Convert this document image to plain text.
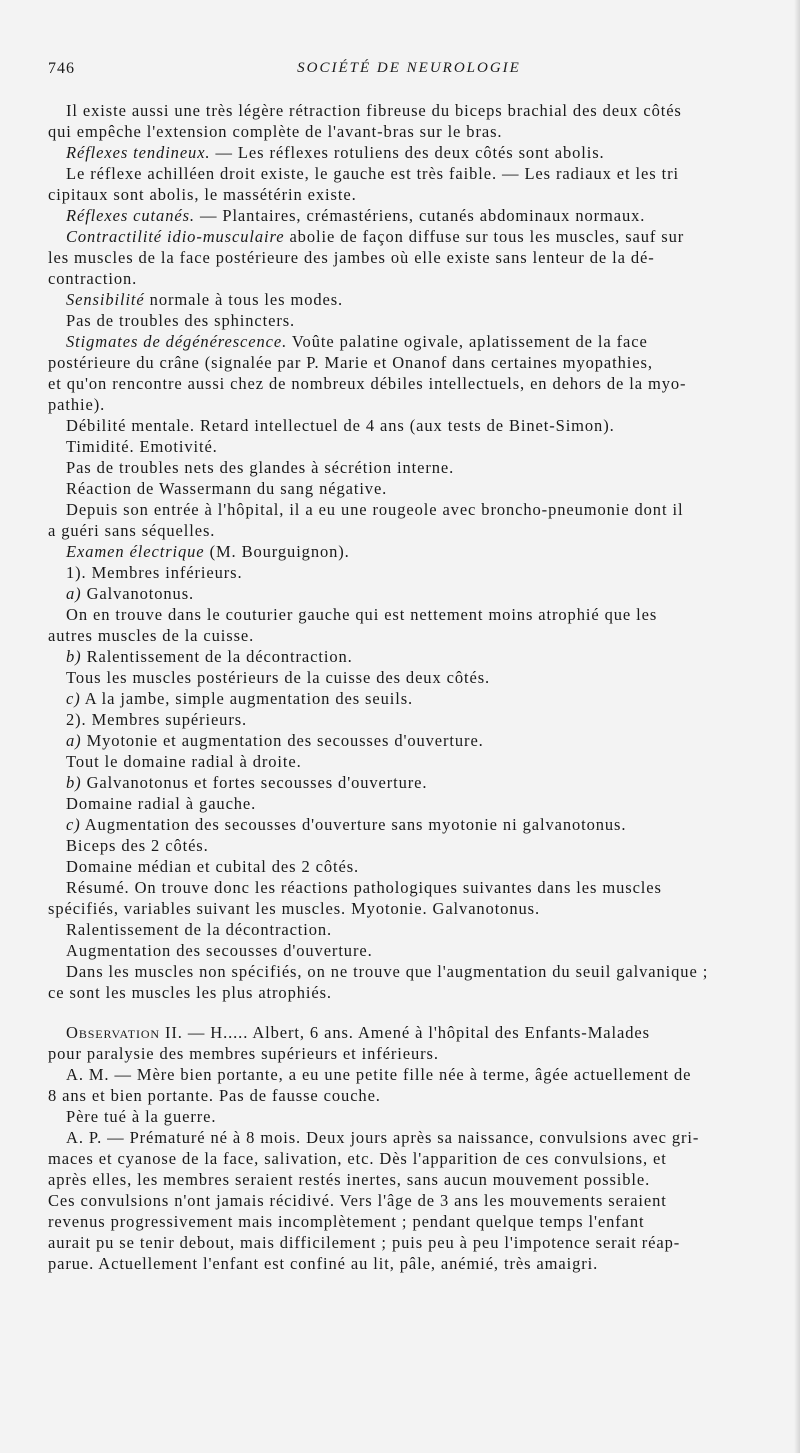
746	SOCIÉTÉ DE NEUROLOGIE
Il existe aussi une très légère rétraction fibreuse du biceps brachial des deux côtés
qui empêche l'extension complète de l'avant-bras sur le bras.
Réflexes tendineux. — Les réflexes rotuliens des deux côtés sont abolis.
Le réflexe achilléen droit existe, le gauche est très faible. — Les radiaux et les tri
cipitaux sont abolis, le massétérin existe.
Réflexes cutanés. — Plantaires, crémastériens, cutanés abdominaux normaux.
Contractilité idio-musculaire abolie de façon diffuse sur tous les muscles, sauf sur
les muscles de la face postérieure des jambes où elle existe sans lenteur de la dé-
contraction.
Sensibilité normale à tous les modes.
Pas de troubles des sphincters.
Stigmates de dégénérescence. Voûte palatine ogivale, aplatissement de la face
postérieure du crâne (signalée par P. Marie et Onanof dans certaines myopathies,
et qu'on rencontre aussi chez de nombreux débiles intellectuels, en dehors de la myo-
pathie).
Débilité mentale. Retard intellectuel de 4 ans (aux tests de Binet-Simon).
Timidité. Emotivité.
Pas de troubles nets des glandes à sécrétion interne.
Réaction de Wassermann du sang négative.
Depuis son entrée à l'hôpital, il a eu une rougeole avec broncho-pneumonie dont il
a guéri sans séquelles.
Examen électrique (M. Bourguignon).
1). Membres inférieurs.
a) Galvanotonus.
On en trouve dans le couturier gauche qui est nettement moins atrophié que les
autres muscles de la cuisse.
b) Ralentissement de la décontraction.
Tous les muscles postérieurs de la cuisse des deux côtés.
c) A la jambe, simple augmentation des seuils.
2). Membres supérieurs.
a) Myotonie et augmentation des secousses d'ouverture.
Tout le domaine radial à droite.
b) Galvanotonus et fortes secousses d'ouverture.
Domaine radial à gauche.
c) Augmentation des secousses d'ouverture sans myotonie ni galvanotonus.
Biceps des 2 côtés.
Domaine médian et cubital des 2 côtés.
Résumé. On trouve donc les réactions pathologiques suivantes dans les muscles
spécifiés, variables suivant les muscles. Myotonie. Galvanotonus.
Ralentissement de la décontraction.
Augmentation des secousses d'ouverture.
Dans les muscles non spécifiés, on ne trouve que l'augmentation du seuil galvanique ;
ce sont les muscles les plus atrophiés.
Observation II. — H..... Albert, 6 ans. Amené à l'hôpital des Enfants-Malades
pour paralysie des membres supérieurs et inférieurs.
A. M. — Mère bien portante, a eu une petite fille née à terme, âgée actuellement de
8 ans et bien portante. Pas de fausse couche.
Père tué à la guerre.
A. P. — Prématuré né à 8 mois. Deux jours après sa naissance, convulsions avec gri-
maces et cyanose de la face, salivation, etc. Dès l'apparition de ces convulsions, et
après elles, les membres seraient restés inertes, sans aucun mouvement possible.
Ces convulsions n'ont jamais récidivé. Vers l'âge de 3 ans les mouvements seraient
revenus progressivement mais incomplètement ; pendant quelque temps l'enfant
aurait pu se tenir debout, mais difficilement ; puis peu à peu l'impotence serait réap-
parue. Actuellement l'enfant est confiné au lit, pâle, anémié, très amaigri.
